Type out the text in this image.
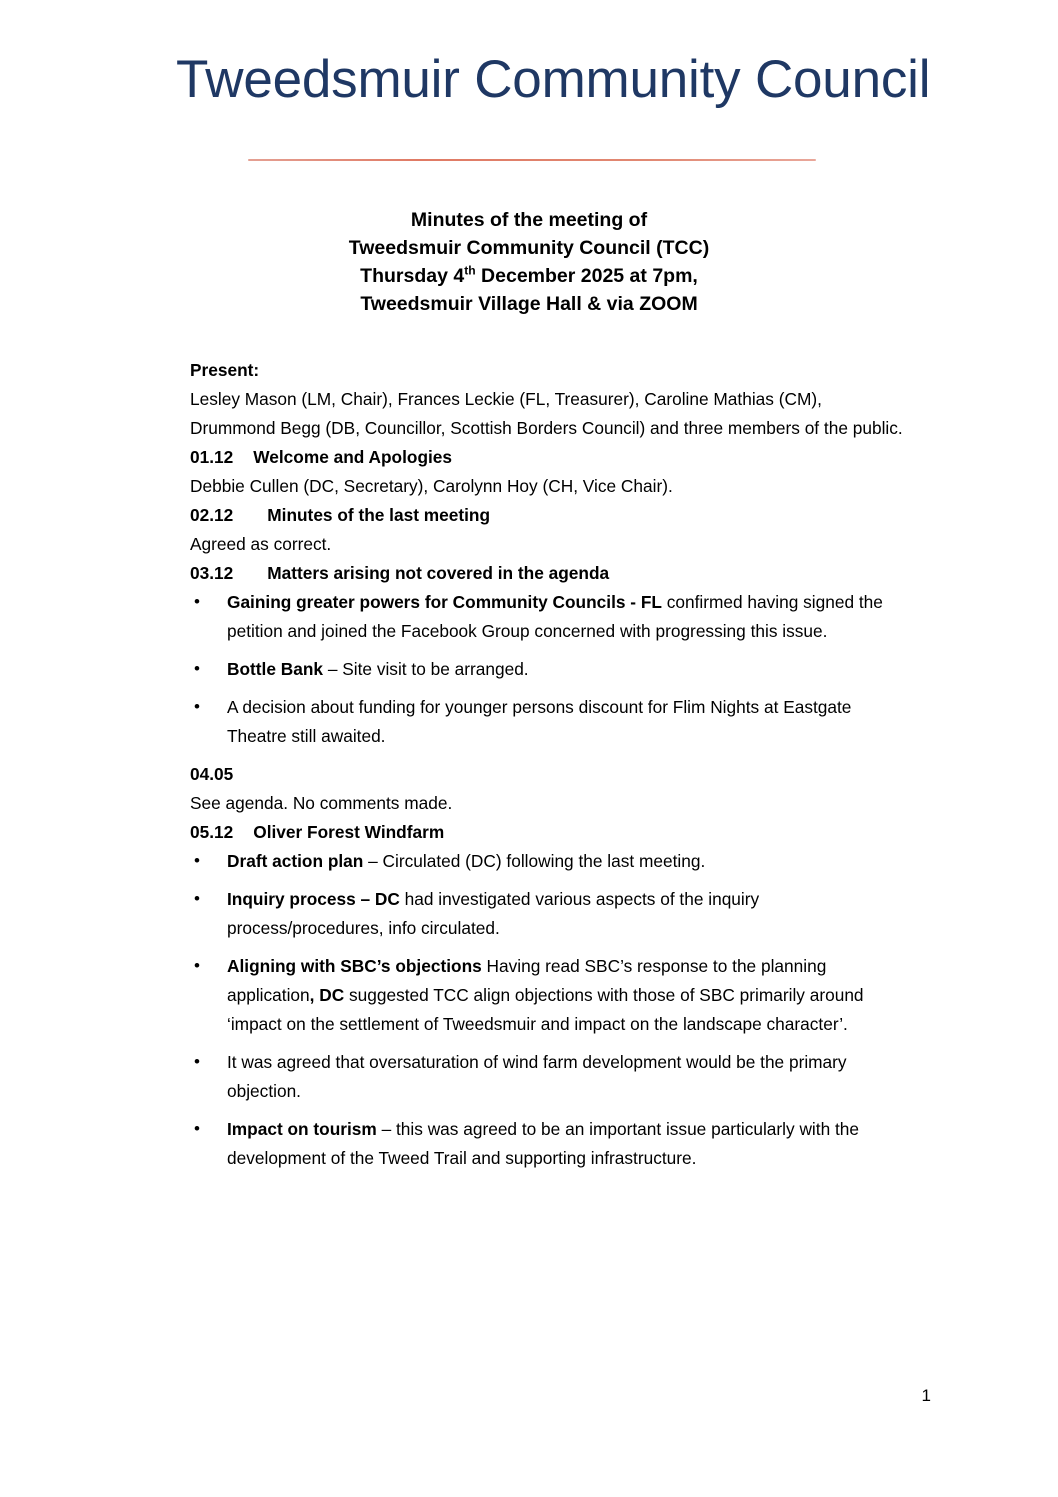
Tweedsmuir Community Council
Minutes of the meeting of
Tweedsmuir Community Council (TCC)
Thursday 4th December 2025 at 7pm,
Tweedsmuir Village Hall & via ZOOM

Present:

Lesley Mason (LM, Chair), Frances Leckie (FL, Treasurer), Caroline Mathias (CM), Drummond Begg (DB, Councillor, Scottish Borders Council) and three members of the public.

01.12 Welcome and Apologies

Debbie Cullen (DC, Secretary), Carolynn Hoy (CH, Vice Chair).

02.12 Minutes of the last meeting

Agreed as correct.

03.12 Matters arising not covered in the agenda

• Gaining greater powers for Community Councils - FL confirmed having signed the petition and joined the Facebook Group concerned with progressing this issue.
• Bottle Bank – Site visit to be arranged.
• A decision about funding for younger persons discount for Flim Nights at Eastgate Theatre still awaited.

04.05

See agenda. No comments made.

05.12 Oliver Forest Windfarm

• Draft action plan – Circulated (DC) following the last meeting.
• Inquiry process – DC had investigated various aspects of the inquiry process/procedures, info circulated.
• Aligning with SBC’s objections Having read SBC’s response to the planning application, DC suggested TCC align objections with those of SBC primarily around ‘impact on the settlement of Tweedsmuir and impact on the landscape character’.
• It was agreed that oversaturation of wind farm development would be the primary objection.
• Impact on tourism – this was agreed to be an important issue particularly with the development of the Tweed Trail and supporting infrastructure.
1
